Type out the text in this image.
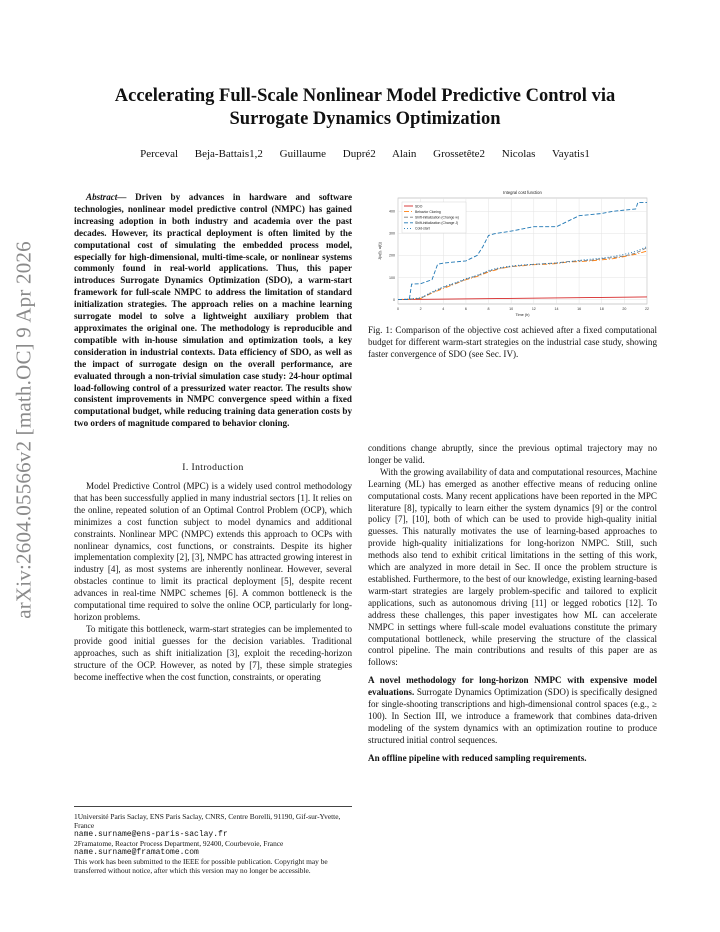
arXiv:2604.05566v2 [math.OC] 9 Apr 2026
Accelerating Full-Scale Nonlinear Model Predictive Control via Surrogate Dynamics Optimization
Perceval Beja-Battais1,2 Guillaume Dupré2 Alain Grossetête2 Nicolas Vayatis1

Abstract— Driven by advances in hardware and software technologies, nonlinear model predictive control (NMPC) has gained increasing adoption in both industry and academia over the past decades. However, its practical deployment is often limited by the computational cost of simulating the embedded process model, especially for high-dimensional, multi-time-scale, or nonlinear systems commonly found in real-world applications. Thus, this paper introduces Surrogate Dynamics Optimization (SDO), a warm-start framework for full-scale NMPC to address the limitation of standard initialization strategies. The approach relies on a machine learning surrogate model to solve a lightweight auxiliary problem that approximates the original one. The methodology is reproducible and compatible with in-house simulation and optimization tools, a key consideration in industrial contexts. Data efficiency of SDO, as well as the impact of surrogate design on the overall performance, are evaluated through a non-trivial simulation case study: 24-hour optimal load-following control of a pressurized water reactor. The results show consistent improvements in NMPC convergence speed within a fixed computational budget, while reducing training data generation costs by two orders of magnitude compared to behavior cloning.

I. Introduction

Model Predictive Control (MPC) is a widely used control methodology that has been successfully applied in many industrial sectors [1]. It relies on the online, repeated solution of an Optimal Control Problem (OCP), which minimizes a cost function subject to model dynamics and additional constraints. Nonlinear MPC (NMPC) extends this approach to OCPs with nonlinear dynamics, cost functions, or constraints. Despite its higher implementation complexity [2], [3], NMPC has attracted growing interest in industry [4], as most systems are inherently nonlinear. However, several obstacles continue to limit its practical deployment [5], despite recent advances in real-time NMPC schemes [6]. A common bottleneck is the computational time required to solve the online OCP, particularly for long-horizon problems.

To mitigate this bottleneck, warm-start strategies can be implemented to provide good initial guesses for the decision variables. Traditional approaches, such as shift initialization [3], exploit the receding-horizon structure of the OCP. However, as noted by [7], these simple strategies become ineffective when the cost function, constraints, or operating

1Université Paris Saclay, ENS Paris Saclay, CNRS, Centre Borelli, 91190, Gif-sur-Yvette, France
name.surname@ens-paris-saclay.fr
2Framatome, Reactor Process Department, 92400, Courbevoie, France
name.surname@framatome.com
This work has been submitted to the IEEE for possible publication. Copyright may be transferred without notice, after which this version may no longer be accessible.
0	2	4	6	8	10	12	14	16	18	20	22
0
100
200
300
400
Integral cost function
Time (h)
J(x(t), u(t))
SDO
Behavior Cloning
Shift-initialization (Change w)
Shift-initialization (Change J)
Cold-start
Fig. 1: Comparison of the objective cost achieved after a fixed computational budget for different warm-start strategies on the industrial case study, showing faster convergence of SDO (see Sec. IV).

conditions change abruptly, since the previous optimal trajectory may no longer be valid.

With the growing availability of data and computational resources, Machine Learning (ML) has emerged as another effective means of reducing online computational costs. Many recent applications have been reported in the MPC literature [8], typically to learn either the system dynamics [9] or the control policy [7], [10], both of which can be used to provide high-quality initial guesses. This naturally motivates the use of learning-based approaches to provide high-quality initializations for long-horizon NMPC. Still, such methods also tend to exhibit critical limitations in the setting of this work, which are analyzed in more detail in Sec. II once the problem structure is established. Furthermore, to the best of our knowledge, existing learning-based warm-start strategies are largely problem-specific and tailored to explicit applications, such as autonomous driving [11] or legged robotics [12]. To address these challenges, this paper investigates how ML can accelerate NMPC in settings where full-scale model evaluations constitute the primary computational bottleneck, while preserving the structure of the classical control pipeline. The main contributions and results of this paper are as follows:

A novel methodology for long-horizon NMPC with expensive model evaluations. Surrogate Dynamics Optimization (SDO) is specifically designed for single-shooting transcriptions and high-dimensional control spaces (e.g., ≥ 100). In Section III, we introduce a framework that combines data-driven modeling of the system dynamics with an optimization routine to produce structured initial control sequences.

An offline pipeline with reduced sampling requirements.
